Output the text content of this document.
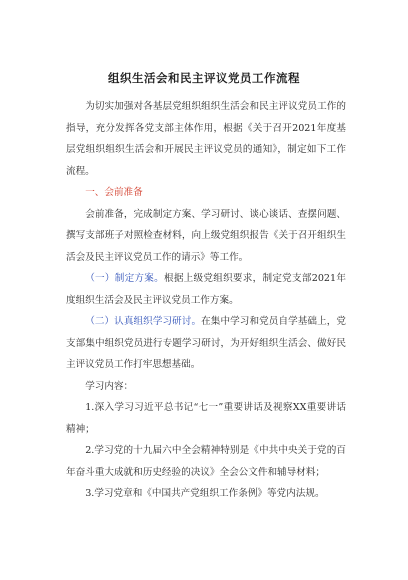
组织生活会和民主评议党员工作流程

为切实加强对各基层党组织组织生活会和民主评议党员工作的指导，充分发挥各党支部主体作用，根据《关于召开2021年度基层党组织组织生活会和开展民主评议党员的通知》，制定如下工作流程。

一、会前准备

会前准备，完成制定方案、学习研讨、谈心谈话、查摆问题、撰写支部班子对照检查材料，向上级党组织报告《关于召开组织生活会及民主评议党员工作的请示》等工作。

（一）制定方案。根据上级党组织要求，制定党支部2021年度组织生活会及民主评议党员工作方案。

（二）认真组织学习研讨。在集中学习和党员自学基础上，党支部集中组织党员进行专题学习研讨，为开好组织生活会、做好民主评议党员工作打牢思想基础。

学习内容：

1.深入学习习近平总书记“七一”重要讲话及视察XX重要讲话精神；

2.学习党的十九届六中全会精神特别是《中共中央关于党的百年奋斗重大成就和历史经验的决议》全会公文件和辅导材料；

3.学习党章和《中国共产党组织工作条例》等党内法规。
